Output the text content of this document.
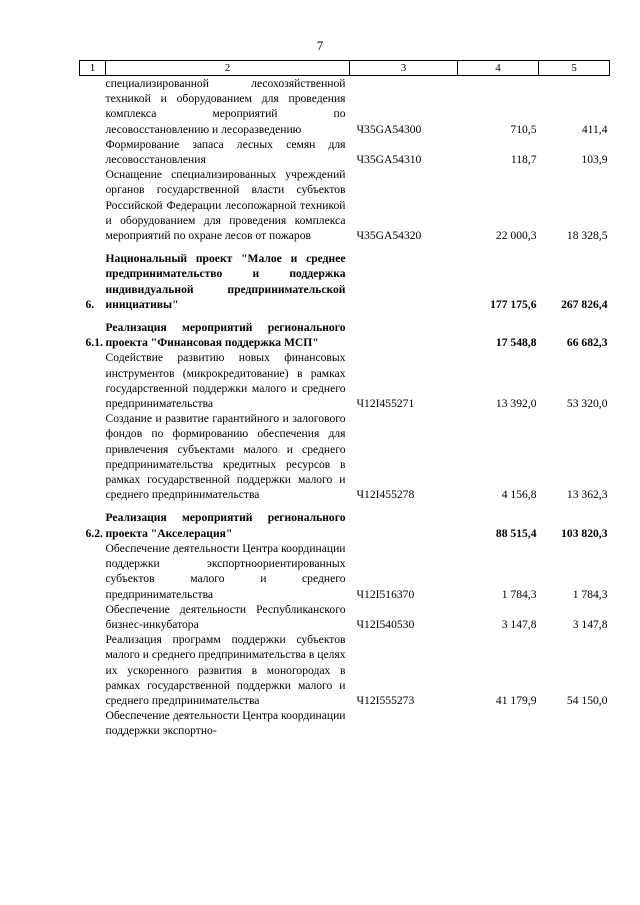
7
1	2	3	4	5
	специализированной лесохозяйственной техникой и оборудованием для проведения комплекса мероприятий по лесовосстановлению и лесоразведению	Ч35GA54300	710,5	411,4
	Формирование запаса лесных семян для лесовосстановления	Ч35GA54310	118,7	103,9
	Оснащение специализированных учреждений органов государственной власти субъектов Российской Федерации лесопожарной техникой и оборудованием для проведения комплекса мероприятий по охране лесов от пожаров	Ч35GA54320	22 000,3	18 328,5

6.	Национальный проект "Малое и среднее предпринимательство и поддержка индивидуальной предпринимательской инициативы"		177 175,6	267 826,4

6.1.	Реализация мероприятий регионального проекта "Финансовая поддержка МСП"		17 548,8	66 682,3
	Содействие развитию новых финансовых инструментов (микрокредитование) в рамках государственной поддержки малого и среднего предпринимательства	Ч12I455271	13 392,0	53 320,0
	Создание и развитие гарантийного и залогового фондов по формированию обеспечения для привлечения субъектами малого и среднего предпринимательства кредитных ресурсов в рамках государственной поддержки малого и среднего предпринимательства	Ч12I455278	4 156,8	13 362,3

6.2.	Реализация мероприятий регионального проекта "Акселерация"		88 515,4	103 820,3
	Обеспечение деятельности Центра координации поддержки экспортноориентированных субъектов малого и среднего предпринимательства	Ч12I516370	1 784,3	1 784,3
	Обеспечение деятельности Республиканского бизнес-инкубатора	Ч12I540530	3 147,8	3 147,8
	Реализация программ поддержки субъектов малого и среднего предпринимательства в целях их ускоренного развития в моногородах в рамках государственной поддержки малого и среднего предпринимательства	Ч12I555273	41 179,9	54 150,0
	Обеспечение деятельности Центра координации поддержки экспортно-			
